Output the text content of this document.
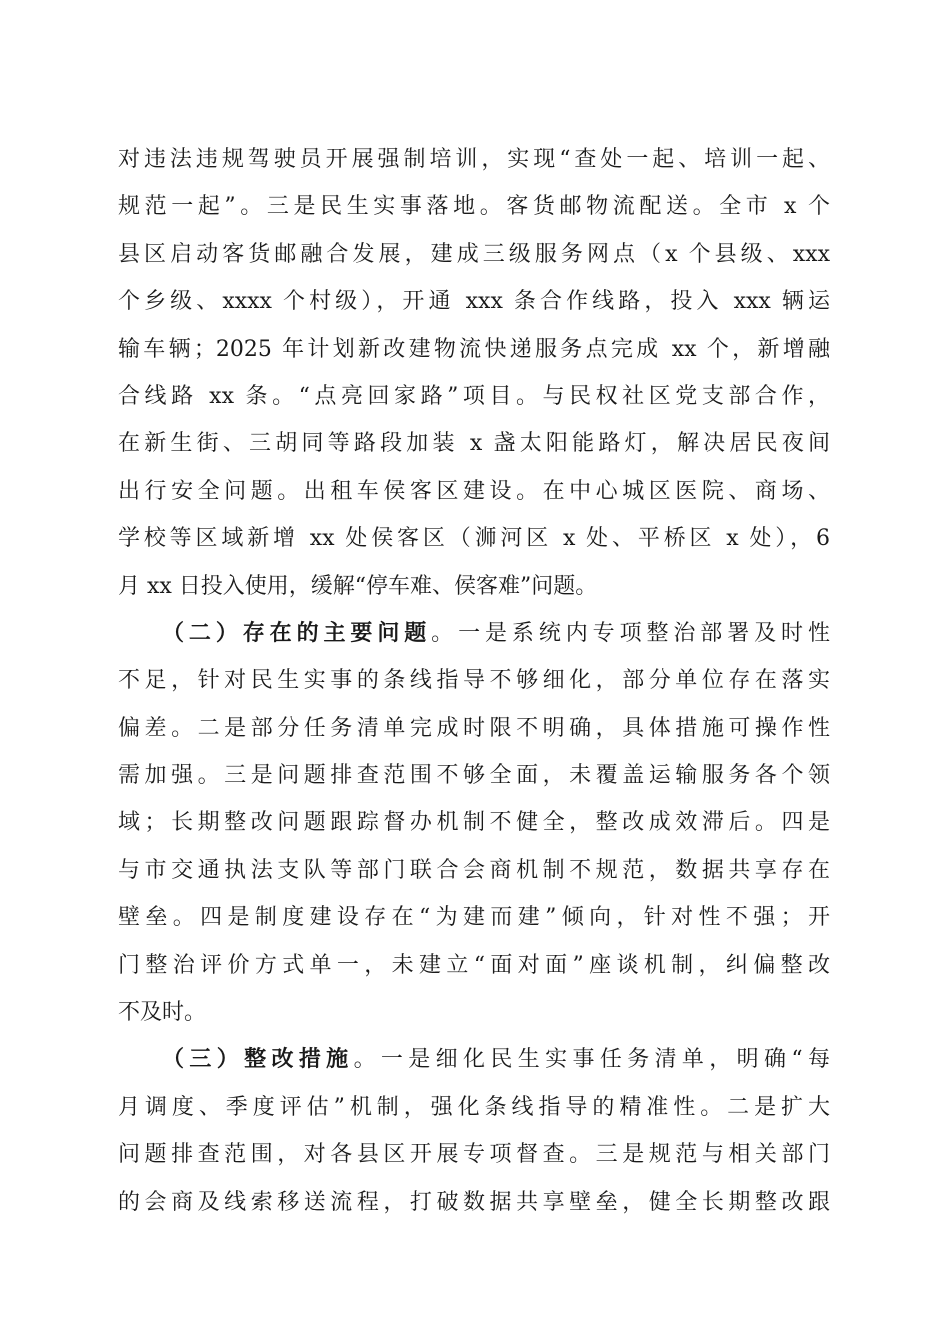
对违法违规驾驶员开展强制培训，实现“查处一起、培训一起、
规范一起”。三是民生实事落地。客货邮物流配送。全市 x 个
县区启动客货邮融合发展，建成三级服务网点（x 个县级、xxx
个乡级、xxxx 个村级），开通 xxx 条合作线路，投入 xxx 辆运
输车辆；2025 年计划新改建物流快递服务点完成 xx 个，新增融
合线路 xx 条。“点亮回家路”项目。与民权社区党支部合作，
在新生街、三胡同等路段加装 x 盏太阳能路灯，解决居民夜间
出行安全问题。出租车侯客区建设。在中心城区医院、商场、
学校等区域新增 xx 处侯客区（浉河区 x 处、平桥区 x 处），6
月 xx 日投入使用，缓解“停车难、侯客难”问题。
（二）存在的主要问题。一是系统内专项整治部署及时性
不足，针对民生实事的条线指导不够细化，部分单位存在落实
偏差。二是部分任务清单完成时限不明确，具体措施可操作性
需加强。三是问题排查范围不够全面，未覆盖运输服务各个领
域；长期整改问题跟踪督办机制不健全，整改成效滞后。四是
与市交通执法支队等部门联合会商机制不规范，数据共享存在
壁垒。四是制度建设存在“为建而建”倾向，针对性不强；开
门整治评价方式单一，未建立“面对面”座谈机制，纠偏整改
不及时。
（三）整改措施。一是细化民生实事任务清单，明确“每
月调度、季度评估”机制，强化条线指导的精准性。二是扩大
问题排查范围，对各县区开展专项督查。三是规范与相关部门
的会商及线索移送流程，打破数据共享壁垒，健全长期整改跟
